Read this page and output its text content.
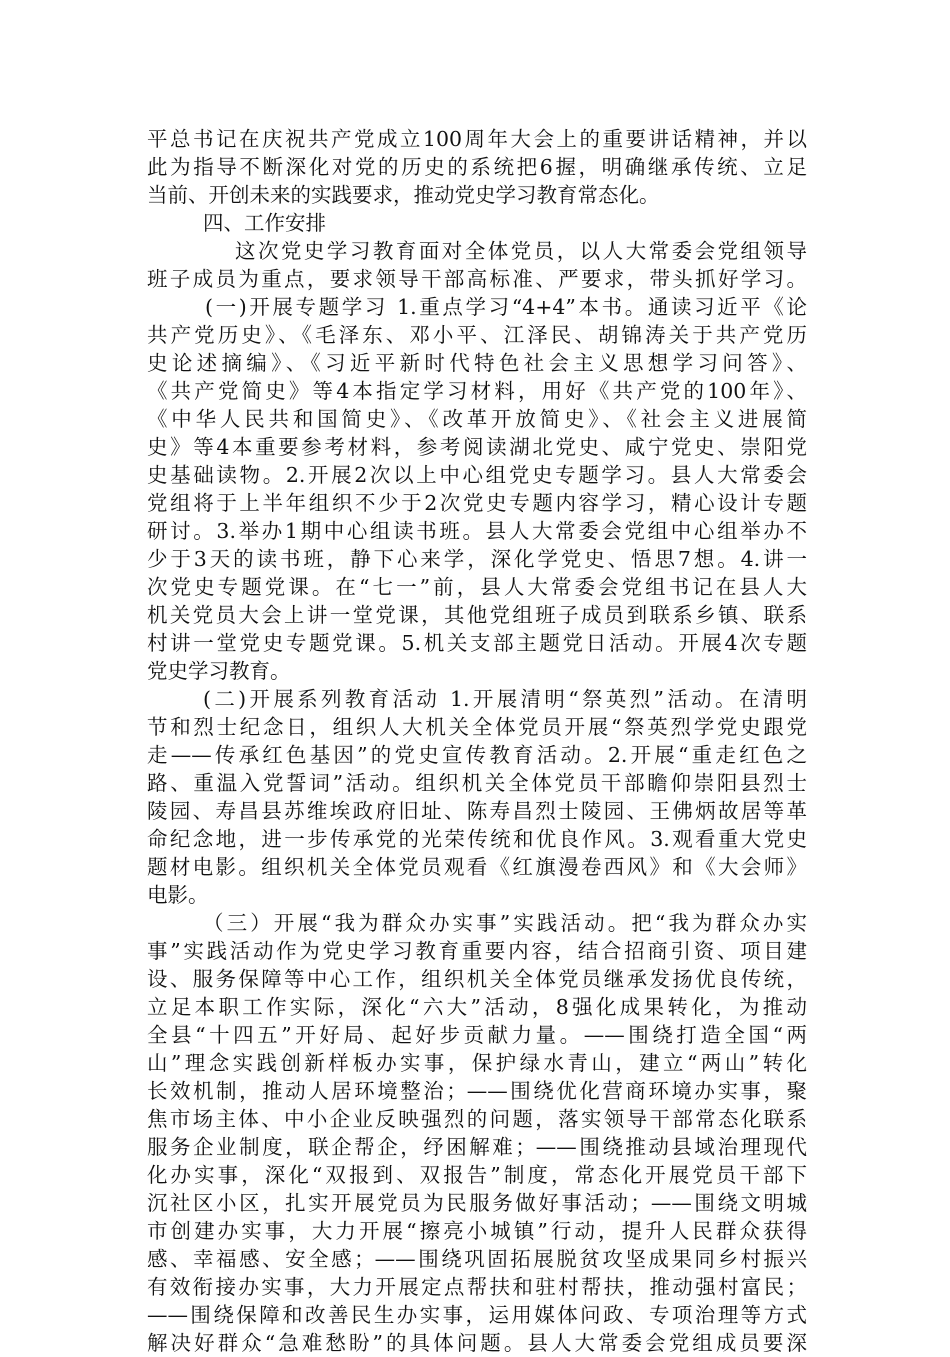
平总书记在庆祝共产党成立100周年大会上的重要讲话精神，并以
此为指导不断深化对党的历史的系统把6握，明确继承传统、立足
当前、开创未来的实践要求，推动党史学习教育常态化。
四、工作安排
这次党史学习教育面对全体党员，以人大常委会党组领导
班子成员为重点，要求领导干部高标准、严要求，带头抓好学习。
(一)开展专题学习 1.重点学习“4+4”本书。通读习近平《论
共产党历史》、《毛泽东、邓小平、江泽民、胡锦涛关于共产党历
史论述摘编》、《习近平新时代特色社会主义思想学习问答》、
《共产党简史》等4本指定学习材料，用好《共产党的100年》、
《中华人民共和国简史》、《改革开放简史》、《社会主义进展简
史》等4本重要参考材料，参考阅读湖北党史、咸宁党史、崇阳党
史基础读物。2.开展2次以上中心组党史专题学习。县人大常委会
党组将于上半年组织不少于2次党史专题内容学习，精心设计专题
研讨。3.举办1期中心组读书班。县人大常委会党组中心组举办不
少于3天的读书班，静下心来学，深化学党史、悟思7想。4.讲一
次党史专题党课。在“七一”前，县人大常委会党组书记在县人大
机关党员大会上讲一堂党课，其他党组班子成员到联系乡镇、联系
村讲一堂党史专题党课。5.机关支部主题党日活动。开展4次专题
党史学习教育。
(二)开展系列教育活动 1.开展清明“祭英烈”活动。在清明
节和烈士纪念日，组织人大机关全体党员开展“祭英烈学党史跟党
走——传承红色基因”的党史宣传教育活动。2.开展“重走红色之
路、重温入党誓词”活动。组织机关全体党员干部瞻仰崇阳县烈士
陵园、寿昌县苏维埃政府旧址、陈寿昌烈士陵园、王佛炳故居等革
命纪念地，进一步传承党的光荣传统和优良作风。3.观看重大党史
题材电影。组织机关全体党员观看《红旗漫卷西风》和《大会师》
电影。
（三）开展“我为群众办实事”实践活动。把“我为群众办实
事”实践活动作为党史学习教育重要内容，结合招商引资、项目建
设、服务保障等中心工作，组织机关全体党员继承发扬优良传统，
立足本职工作实际，深化“六大”活动，8强化成果转化，为推动
全县“十四五”开好局、起好步贡献力量。——围绕打造全国“两
山”理念实践创新样板办实事，保护绿水青山，建立“两山”转化
长效机制，推动人居环境整治；——围绕优化营商环境办实事，聚
焦市场主体、中小企业反映强烈的问题，落实领导干部常态化联系
服务企业制度，联企帮企，纾困解难；——围绕推动县域治理现代
化办实事，深化“双报到、双报告”制度，常态化开展党员干部下
沉社区小区，扎实开展党员为民服务做好事活动；——围绕文明城
市创建办实事，大力开展“擦亮小城镇”行动，提升人民群众获得
感、幸福感、安全感；——围绕巩固拓展脱贫攻坚成果同乡村振兴
有效衔接办实事，大力开展定点帮扶和驻村帮扶，推动强村富民；
——围绕保障和改善民生办实事，运用媒体问政、专项治理等方式
解决好群众“急难愁盼”的具体问题。县人大常委会党组成员要深
